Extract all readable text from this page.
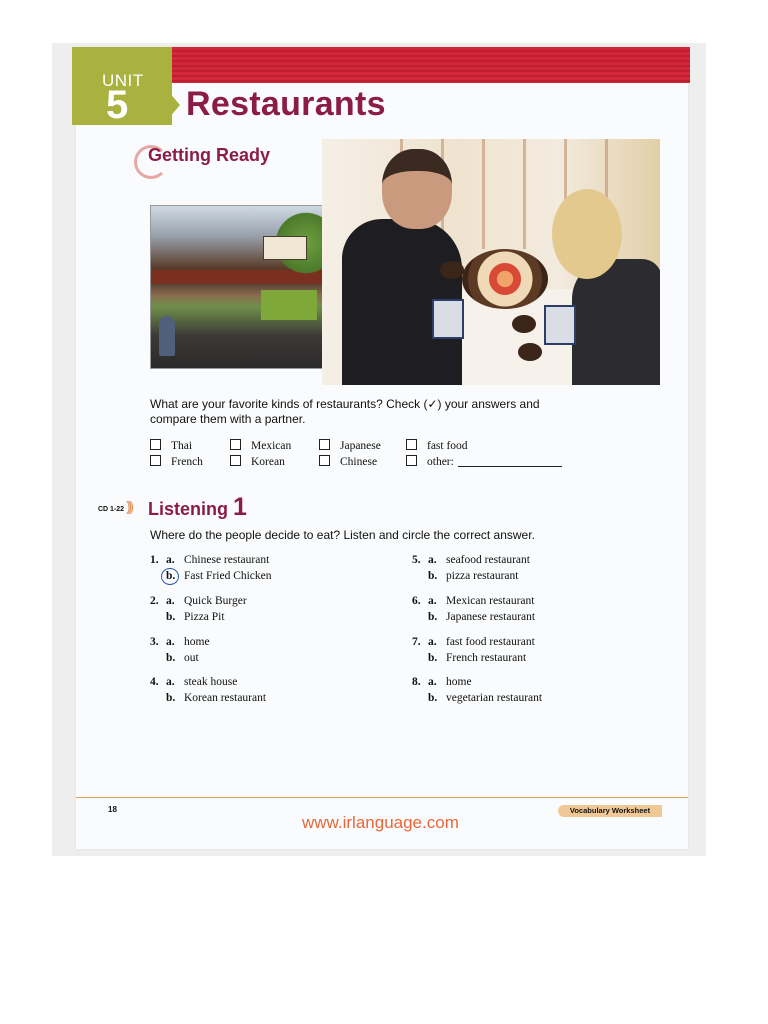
UNIT
5 Restaurants
Getting Ready
What are your favorite kinds of restaurants? Check (✓) your answers and
compare them with a partner.
Thai	Mexican	Japanese	fast food
French	Korean	Chinese	other:
CD 1-22 ))) Listening 1
Where do the people decide to eat? Listen and circle the correct answer.
1. a. Chinese restaurant
b. Fast Fried Chicken
2. a. Quick Burger
b. Pizza Pit
3. a. home
b. out
4. a. steak house
b. Korean restaurant
5. a. seafood restaurant
b. pizza restaurant
6. a. Mexican restaurant
b. Japanese restaurant
7. a. fast food restaurant
b. French restaurant
8. a. home
b. vegetarian restaurant
18	Vocabulary Worksheet
www.irlanguage.com
